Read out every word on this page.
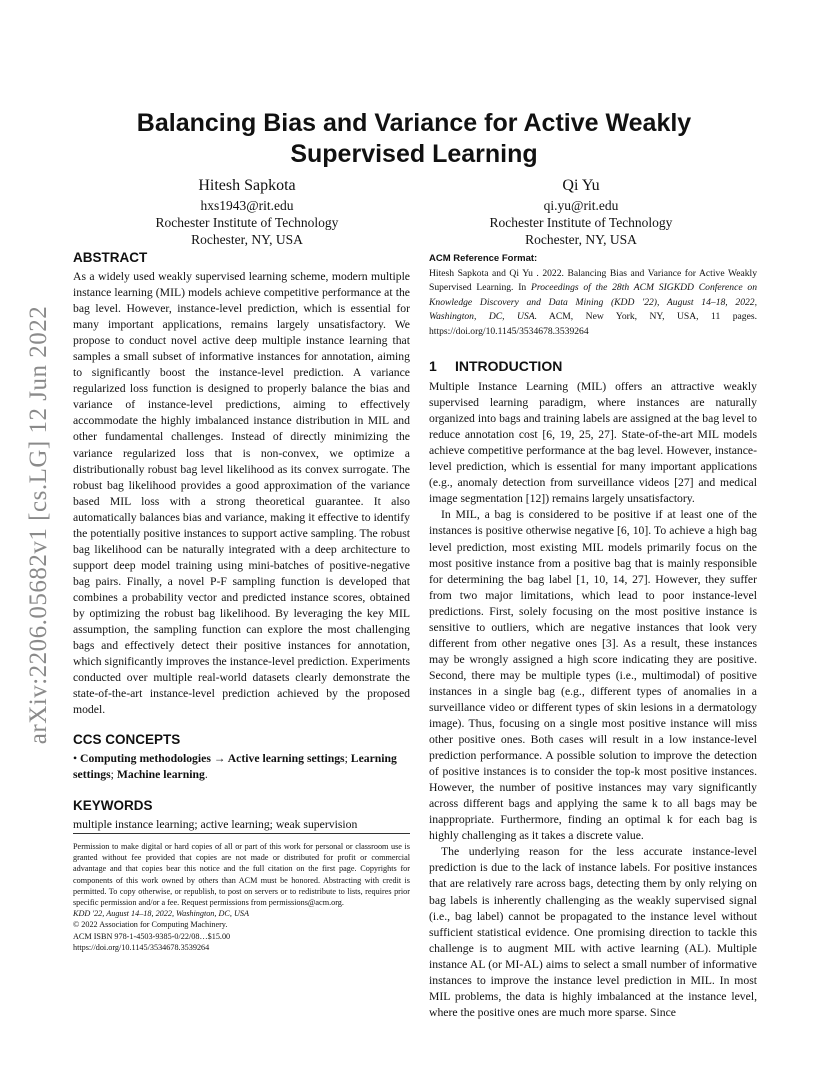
arXiv:2206.05682v1 [cs.LG] 12 Jun 2022
Balancing Bias and Variance for Active Weakly Supervised Learning
Hitesh Sapkota
hxs1943@rit.edu
Rochester Institute of Technology
Rochester, NY, USA
Qi Yu
qi.yu@rit.edu
Rochester Institute of Technology
Rochester, NY, USA
ABSTRACT

As a widely used weakly supervised learning scheme, modern multiple instance learning (MIL) models achieve competitive performance at the bag level. However, instance-level prediction, which is essential for many important applications, remains largely unsatisfactory. We propose to conduct novel active deep multiple instance learning that samples a small subset of informative instances for annotation, aiming to significantly boost the instance-level prediction. A variance regularized loss function is designed to properly balance the bias and variance of instance-level predictions, aiming to effectively accommodate the highly imbalanced instance distribution in MIL and other fundamental challenges. Instead of directly minimizing the variance regularized loss that is non-convex, we optimize a distributionally robust bag level likelihood as its convex surrogate. The robust bag likelihood provides a good approximation of the variance based MIL loss with a strong theoretical guarantee. It also automatically balances bias and variance, making it effective to identify the potentially positive instances to support active sampling. The robust bag likelihood can be naturally integrated with a deep architecture to support deep model training using mini-batches of positive-negative bag pairs. Finally, a novel P-F sampling function is developed that combines a probability vector and predicted instance scores, obtained by optimizing the robust bag likelihood. By leveraging the key MIL assumption, the sampling function can explore the most challenging bags and effectively detect their positive instances for annotation, which significantly improves the instance-level prediction. Experiments conducted over multiple real-world datasets clearly demonstrate the state-of-the-art instance-level prediction achieved by the proposed model.

CCS CONCEPTS

• Computing methodologies → Active learning settings; Learning settings; Machine learning.

KEYWORDS

multiple instance learning; active learning; weak supervision

Permission to make digital or hard copies of all or part of this work for personal or classroom use is granted without fee provided that copies are not made or distributed for profit or commercial advantage and that copies bear this notice and the full citation on the first page. Copyrights for components of this work owned by others than ACM must be honored. Abstracting with credit is permitted. To copy otherwise, or republish, to post on servers or to redistribute to lists, requires prior specific permission and/or a fee. Request permissions from permissions@acm.org.

KDD '22, August 14–18, 2022, Washington, DC, USA

© 2022 Association for Computing Machinery.

ACM ISBN 978-1-4503-9385-0/22/08…$15.00

https://doi.org/10.1145/3534678.3539264

ACM Reference Format:

Hitesh Sapkota and Qi Yu . 2022. Balancing Bias and Variance for Active Weakly Supervised Learning. In Proceedings of the 28th ACM SIGKDD Conference on Knowledge Discovery and Data Mining (KDD '22), August 14–18, 2022, Washington, DC, USA. ACM, New York, NY, USA, 11 pages. https://doi.org/10.1145/3534678.3539264

1 INTRODUCTION

Multiple Instance Learning (MIL) offers an attractive weakly supervised learning paradigm, where instances are naturally organized into bags and training labels are assigned at the bag level to reduce annotation cost [6, 19, 25, 27]. State-of-the-art MIL models achieve competitive performance at the bag level. However, instance-level prediction, which is essential for many important applications (e.g., anomaly detection from surveillance videos [27] and medical image segmentation [12]) remains largely unsatisfactory.

In MIL, a bag is considered to be positive if at least one of the instances is positive otherwise negative [6, 10]. To achieve a high bag level prediction, most existing MIL models primarily focus on the most positive instance from a positive bag that is mainly responsible for determining the bag label [1, 10, 14, 27]. However, they suffer from two major limitations, which lead to poor instance-level predictions. First, solely focusing on the most positive instance is sensitive to outliers, which are negative instances that look very different from other negative ones [3]. As a result, these instances may be wrongly assigned a high score indicating they are positive. Second, there may be multiple types (i.e., multimodal) of positive instances in a single bag (e.g., different types of anomalies in a surveillance video or different types of skin lesions in a dermatology image). Thus, focusing on a single most positive instance will miss other positive ones. Both cases will result in a low instance-level prediction performance. A possible solution to improve the detection of positive instances is to consider the top-k most positive instances. However, the number of positive instances may vary significantly across different bags and applying the same k to all bags may be inappropriate. Furthermore, finding an optimal k for each bag is highly challenging as it takes a discrete value.

The underlying reason for the less accurate instance-level prediction is due to the lack of instance labels. For positive instances that are relatively rare across bags, detecting them by only relying on bag labels is inherently challenging as the weakly supervised signal (i.e., bag label) cannot be propagated to the instance level without sufficient statistical evidence. One promising direction to tackle this challenge is to augment MIL with active learning (AL). Multiple instance AL (or MI-AL) aims to select a small number of informative instances to improve the instance level prediction in MIL. In most MIL problems, the data is highly imbalanced at the instance level, where the positive ones are much more sparse. Since
